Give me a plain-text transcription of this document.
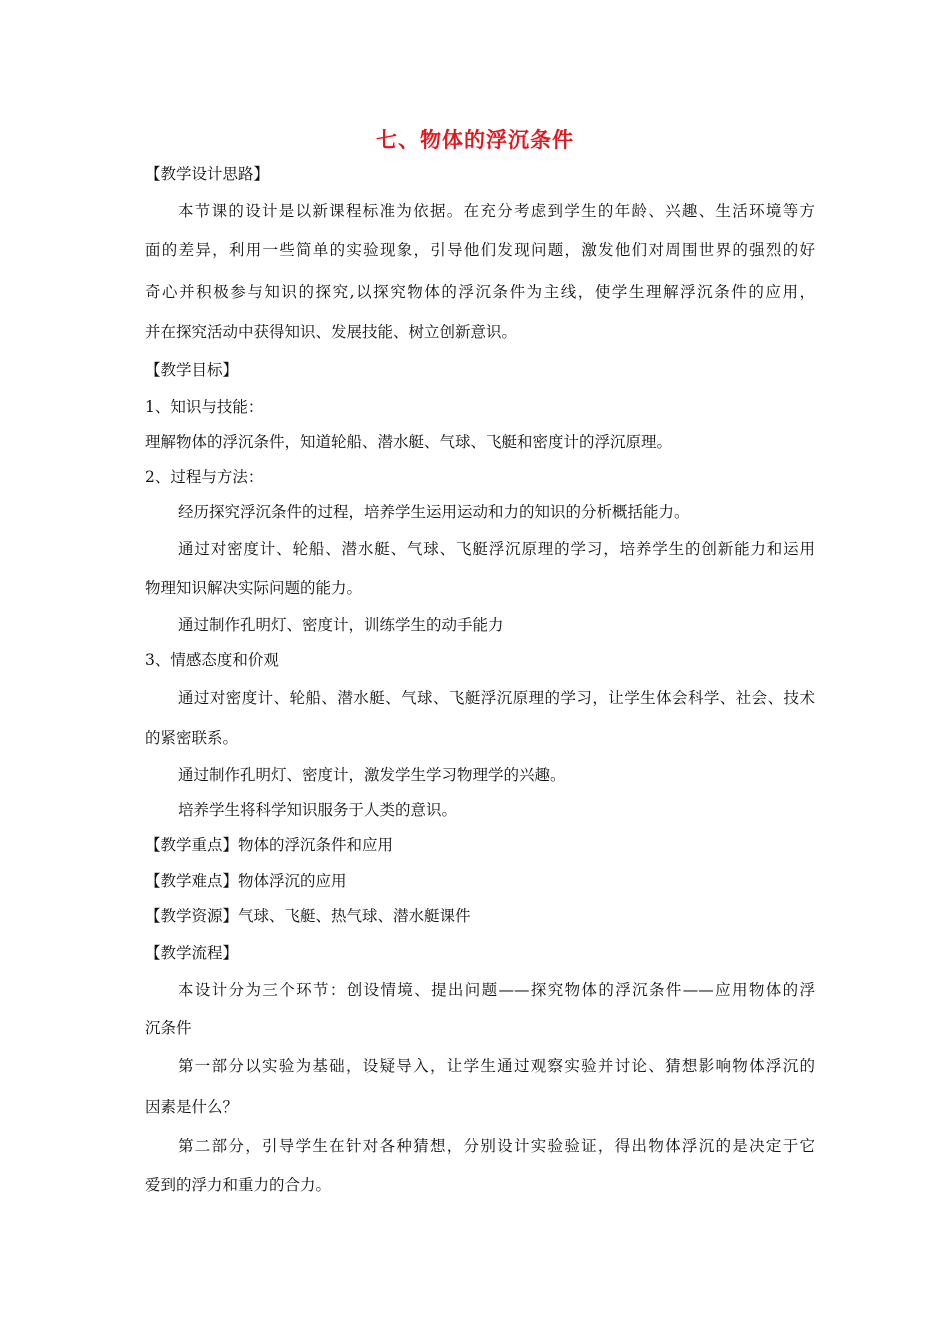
七、物体的浮沉条件
【教学设计思路】
本节课的设计是以新课程标准为依据。在充分考虑到学生的年龄、兴趣、生活环境等方
面的差异，利用一些简单的实验现象，引导他们发现问题，激发他们对周围世界的强烈的好
奇心并积极参与知识的探究,以探究物体的浮沉条件为主线，使学生理解浮沉条件的应用，
并在探究活动中获得知识、发展技能、树立创新意识。
【教学目标】
1、知识与技能：
理解物体的浮沉条件，知道轮船、潜水艇、气球、飞艇和密度计的浮沉原理。
2、过程与方法：
经历探究浮沉条件的过程，培养学生运用运动和力的知识的分析概括能力。
通过对密度计、轮船、潜水艇、气球、飞艇浮沉原理的学习，培养学生的创新能力和运用
物理知识解决实际问题的能力。
通过制作孔明灯、密度计，训练学生的动手能力
3、情感态度和价观
通过对密度计、轮船、潜水艇、气球、飞艇浮沉原理的学习，让学生体会科学、社会、技术
的紧密联系。
通过制作孔明灯、密度计，激发学生学习物理学的兴趣。
培养学生将科学知识服务于人类的意识。
【教学重点】物体的浮沉条件和应用
【教学难点】物体浮沉的应用
【教学资源】气球、飞艇、热气球、潜水艇课件
【教学流程】
本设计分为三个环节：创设情境、提出问题——探究物体的浮沉条件——应用物体的浮
沉条件
第一部分以实验为基础，设疑导入，让学生通过观察实验并讨论、猜想影响物体浮沉的
因素是什么？
第二部分，引导学生在针对各种猜想，分别设计实验验证，得出物体浮沉的是决定于它
爱到的浮力和重力的合力。
